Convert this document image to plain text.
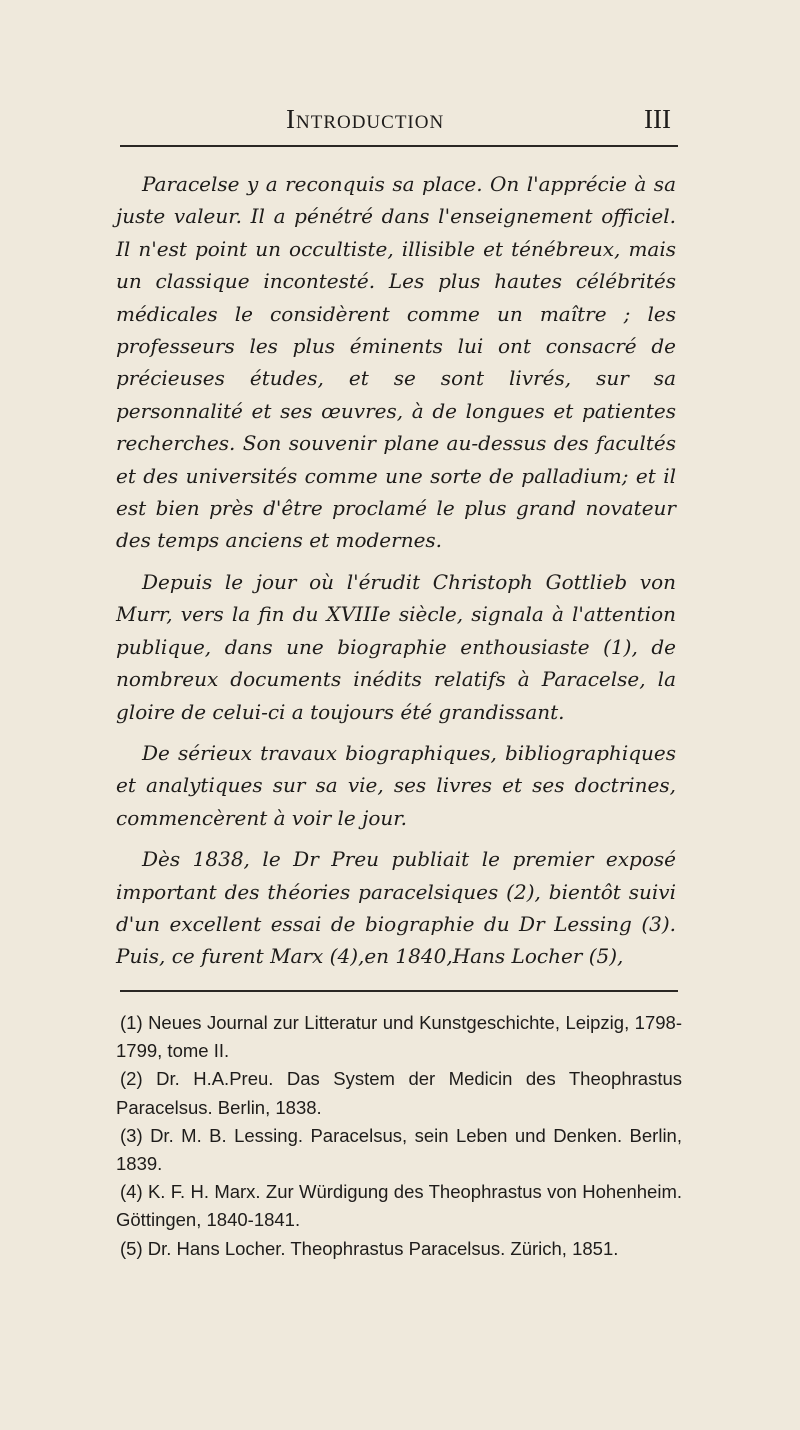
Introduction	III

Paracelse y a reconquis sa place. On l'apprécie à sa juste valeur. Il a pénétré dans l'enseignement officiel. Il n'est point un occultiste, illisible et ténébreux, mais un classique incontesté. Les plus hautes célébrités médicales le considèrent comme un maître ; les professeurs les plus éminents lui ont consacré de précieuses études, et se sont livrés, sur sa personnalité et ses œuvres, à de longues et patientes recherches. Son souvenir plane au-dessus des facultés et des universités comme une sorte de palladium; et il est bien près d'être proclamé le plus grand novateur des temps anciens et modernes.

Depuis le jour où l'érudit Christoph Gottlieb von Murr, vers la fin du XVIIIe siècle, signala à l'attention publique, dans une biographie enthousiaste (1), de nombreux documents inédits relatifs à Paracelse, la gloire de celui-ci a toujours été grandissant.

De sérieux travaux biographiques, bibliographiques et analytiques sur sa vie, ses livres et ses doctrines, commencèrent à voir le jour.

Dès 1838, le Dr Preu publiait le premier exposé important des théories paracelsiques (2), bientôt suivi d'un excellent essai de biographie du Dr Lessing (3). Puis, ce furent Marx (4),en 1840,Hans Locher (5),

(1) Neues Journal zur Litteratur und Kunstgeschichte, Leipzig, 1798-1799, tome II.

(2) Dr. H.A.Preu. Das System der Medicin des Theophrastus Paracelsus. Berlin, 1838.

(3) Dr. M. B. Lessing. Paracelsus, sein Leben und Denken. Berlin, 1839.

(4) K. F. H. Marx. Zur Würdigung des Theophrastus von Hohenheim. Göttingen, 1840-1841.

(5) Dr. Hans Locher. Theophrastus Paracelsus. Zürich, 1851.
